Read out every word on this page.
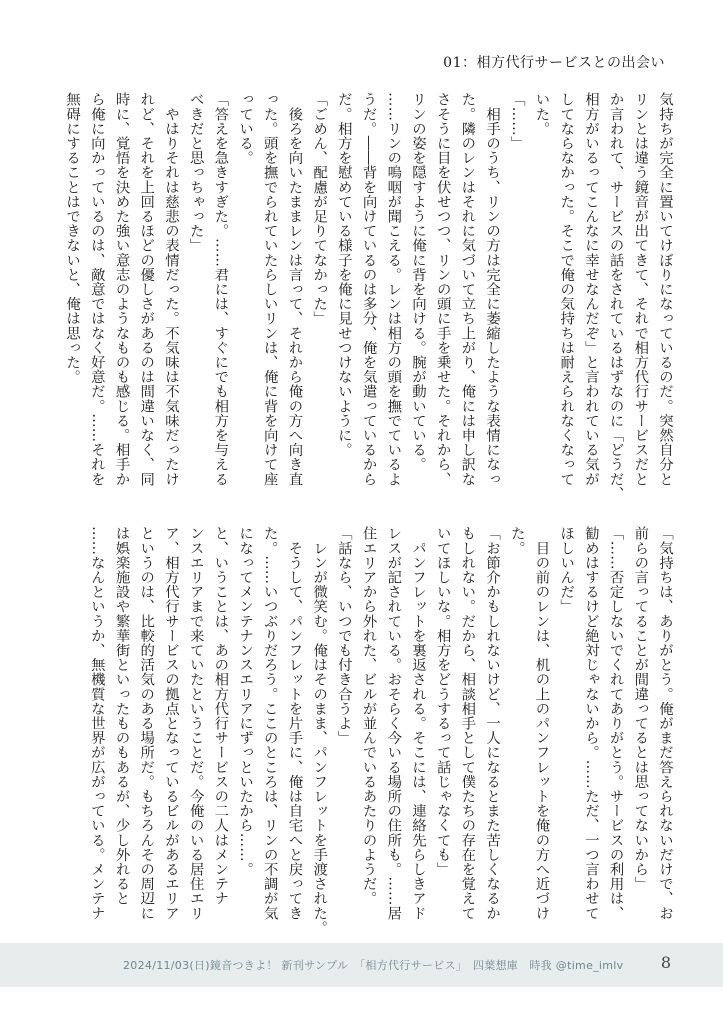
01：相方代行サービスとの出会い

気持ちが完全に置いてけぼりになっているのだ。突然自分と

リンとは違う鏡音が出てきて、それで相方代行サービスだと

か言われて、サービスの話をされているはずなのに「どうだ、

相方がいるってこんなに幸せなんだぞ」と言われている気が

してならなかった。そこで俺の気持ちは耐えられなくなって

いた。

「……」

　相手のうち、リンの方は完全に萎縮したような表情になっ

た。隣のレンはそれに気づいて立ち上がり、俺には申し訳な

さそうに目を伏せつつ、リンの頭に手を乗せた。それから、

リンの姿を隠すように俺に背を向ける。腕が動いている。

……リンの嗚咽が聞こえる。レンは相方の頭を撫でているよ

うだ。――背を向けているのは多分、俺を気遣っているから

だ。相方を慰めている様子を俺に見せつけないように。

「ごめん、配慮が足りてなかった」

　後ろを向いたままレンは言って、それから俺の方へ向き直

った。頭を撫でられていたらしいリンは、俺に背を向けて座

っている。

「答えを急きすぎた。……君には、すぐにでも相方を与える

べきだと思っちゃった」

　やはりそれは慈悲の表情だった。不気味は不気味だったけ

れど、それを上回るほどの優しさがあるのは間違いなく、同

時に、覚悟を決めた強い意志のようなものも感じる。相手か

ら俺に向かっているのは、敵意ではなく好意だ。……それを

無碍にすることはできないと、俺は思った。

「気持ちは、ありがとう。俺がまだ答えられないだけで、お

前らの言ってることが間違ってるとは思ってないから」

「……否定しないでくれてありがとう。サービスの利用は、

勧めはするけど絶対じゃないから。……ただ、一つ言わせて

ほしいんだ」

　目の前のレンは、机の上のパンフレットを俺の方へ近づけ

た。

「お節介かもしれないけど、一人になるとまた苦しくなるか

もしれない。だから、相談相手として僕たちの存在を覚えて

いてほしいな。相方をどうするって話じゃなくても」

　パンフレットを裏返される。そこには、連絡先らしきアド

レスが記されている。おそらく今いる場所の住所も。……居

住エリアから外れた、ビルが並んでいるあたりのようだ。

「話なら、いつでも付き合うよ」

　レンが微笑む。俺はそのまま、パンフレットを手渡された。

　そうして、パンフレットを片手に、俺は自宅へと戻ってき

た。……いつぶりだろう。ここのところは、リンの不調が気

になってメンテナンスエリアにずっといたから……。

と、いうことは、あの相方代行サービスの二人はメンテナ

ンスエリアまで来ていたということだ。今俺のいる居住エリ

ア、相方代行サービスの拠点となっているビルがあるエリア

というのは、比較的活気のある場所だ。もちろんその周辺に

は娯楽施設や繁華街といったものもあるが、少し外れると

……なんというか、無機質な世界が広がっている。メンテナ

2024/11/03(日)鏡音つきよ！ 新刊サンプル　「相方代行サービス」　四葉想庫　時我 @time_imlv 8
